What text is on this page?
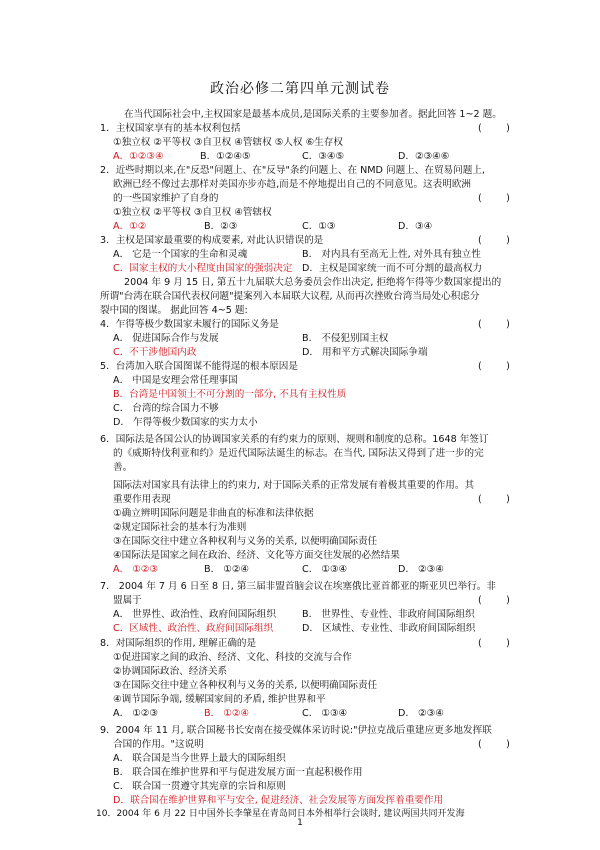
政治必修二第四单元测试卷
在当代国际社会中,主权国家是最基本成员,是国际关系的主要参加者。据此回答 1~2 题。
1．主权国家享有的基本权利包括	(        )
①独立权 ②平等权 ③自卫权 ④管辖权 ⑤人权 ⑥生存权
A．①②③④	B．①②④⑤	C．③④⑤	D．②③④⑥
2．近些时期以来,在"反恐"问题上、在"反导"条约问题上、在 NMD 问题上、在贸易问题上,
欧洲已经不像过去那样对美国亦步亦趋,而是不停地提出自己的不同意见。这表明欧洲
的一些国家维护了自身的	(        )
①独立权 ②平等权 ③自卫权 ④管辖权
A．①②	B．②③	C．①③	D．③④
3．主权是国家最重要的构成要素, 对此认识错误的是	(        )
A． 它是一个国家的生命和灵魂	B． 对内具有至高无上性, 对外具有独立性
C．国家主权的大小程度由国家的强弱决定 D．主权是国家统一而不可分割的最高权力
2004 年 9 月 15 日, 第五十九届联大总务委员会作出决定, 拒绝将乍得等少数国家提出的
所谓"台湾在联合国代表权问题"提案列入本届联大议程, 从而再次挫败台湾当局处心积虑分
裂中国的图谋。 据此回答 4~5 题:
4．乍得等极少数国家未履行的国际义务是	(        )
A． 促进国际合作与发展	B． 不侵犯别国主权
C．不干涉他国内政	D． 用和平方式解决国际争端
5．台湾加入联合国图谋不能得逞的根本原因是	(        )
A． 中国是安理会常任理事国
B．台湾是中国领土不可分割的一部分, 不具有主权性质
C． 台湾的综合国力不够
D． 乍得等极少数国家的实力太小
6．国际法是各国公认的协调国家关系的有约束力的原则、规则和制度的总称。1648 年签订
的《威斯特伐利亚和约》是近代国际法诞生的标志。在当代, 国际法又得到了进一步的完
善。
国际法对国家具有法律上的约束力, 对于国际关系的正常发展有着极其重要的作用。其
重要作用表现	(        )
①确立辨明国际问题是非曲直的标准和法律依据
②规定国际社会的基本行为准则
③在国际交往中建立各种权利与义务的关系, 以便明确国际责任
④国际法是国家之间在政治、经济、文化等方面交往发展的必然结果
A． ①②③	B． ①②④	C． ①③④	D． ②③④
7． 2004 年 7 月 6 日至 8 日, 第三届非盟首脑会议在埃塞俄比亚首都亚的斯亚贝巴举行。非
盟属于	(        )
A． 世界性、政治性、政府间国际组织	B． 世界性、专业性、非政府间国际组织
C．区域性、政治性、政府间国际组织	D． 区域性、专业性、非政府间国际组织
8．对国际组织的作用, 理解正确的是	(        )
①促进国家之间的政治、经济、文化、科技的交流与合作
②协调国际政治、经济关系
③在国际交往中建立各种权利与义务的关系, 以便明确国际责任
④调节国际争端, 缓解国家间的矛盾, 维护世界和平
A． ①②③	B． ①②④	C． ①③④	D． ②③④
9．2004 年 11 月, 联合国秘书长安南在接受媒体采访时说:"伊拉克战后重建应更多地发挥联
合国的作用。"这说明	(        )
A． 联合国是当今世界上最大的国际组织
B． 联合国在维护世界和平与促进发展方面一直起积极作用
C． 联合国一贯遵守其宪章的宗旨和原则
D．联合国在维护世界和平与安全, 促进经济、社会发展等方面发挥着重要作用
10．2004 年 6 月 22 日中国外长李肇星在青岛同日本外相举行会谈时, 建议两国共同开发海
1
